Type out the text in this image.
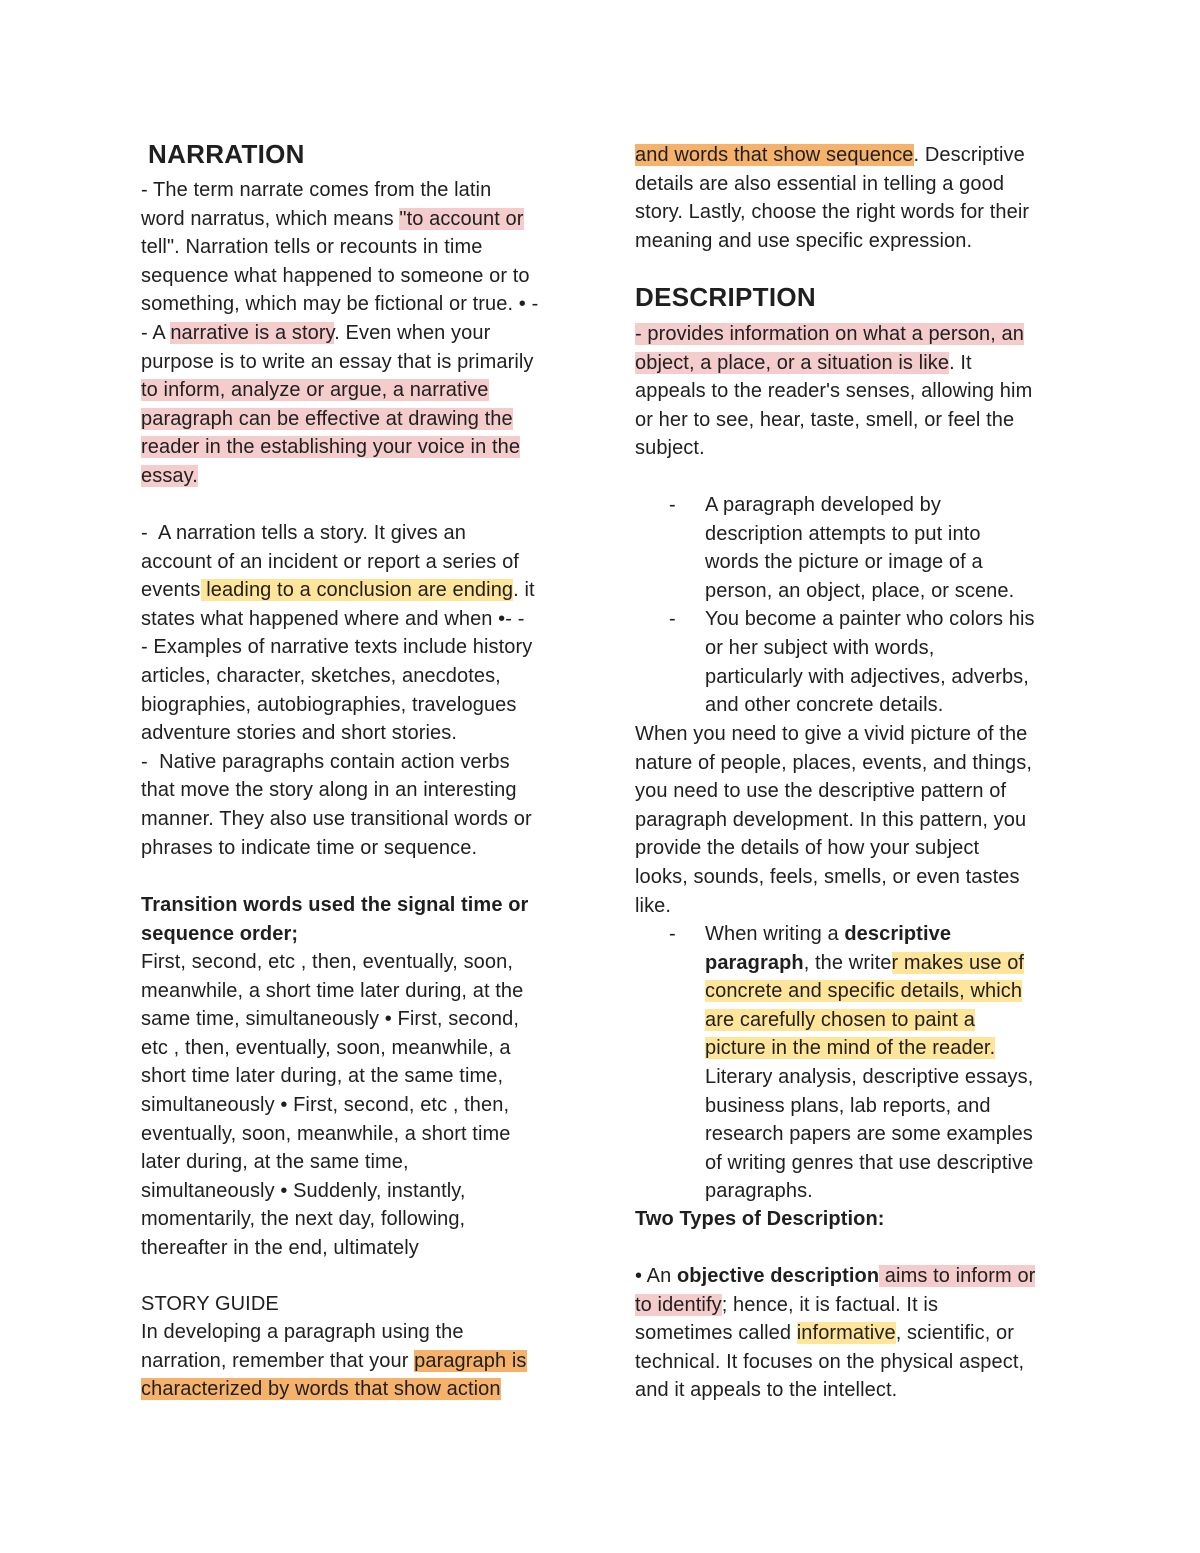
NARRATION
- The term narrate comes from the latin
word narratus, which means "to account or
tell". Narration tells or recounts in time
sequence what happened to someone or to
something, which may be fictional or true. • -
- A narrative is a story. Even when your
purpose is to write an essay that is primarily
to inform, analyze or argue, a narrative
paragraph can be effective at drawing the
reader in the establishing your voice in the
essay.
-  A narration tells a story. It gives an
account of an incident or report a series of
events leading to a conclusion are ending. it
states what happened where and when •- -
- Examples of narrative texts include history
articles, character, sketches, anecdotes,
biographies, autobiographies, travelogues
adventure stories and short stories.
-  Native paragraphs contain action verbs
that move the story along in an interesting
manner. They also use transitional words or
phrases to indicate time or sequence.
Transition words used the signal time or
sequence order;
First, second, etc , then, eventually, soon,
meanwhile, a short time later during, at the
same time, simultaneously • First, second,
etc , then, eventually, soon, meanwhile, a
short time later during, at the same time,
simultaneously • First, second, etc , then,
eventually, soon, meanwhile, a short time
later during, at the same time,
simultaneously • Suddenly, instantly,
momentarily, the next day, following,
thereafter in the end, ultimately
STORY GUIDE
In developing a paragraph using the
narration, remember that your paragraph is
characterized by words that show action
and words that show sequence. Descriptive
details are also essential in telling a good
story. Lastly, choose the right words for their
meaning and use specific expression.
DESCRIPTION
- provides information on what a person, an
object, a place, or a situation is like. It
appeals to the reader's senses, allowing him
or her to see, hear, taste, smell, or feel the
subject.
-	A paragraph developed by
description attempts to put into
words the picture or image of a
person, an object, place, or scene.
-	You become a painter who colors his
or her subject with words,
particularly with adjectives, adverbs,
and other concrete details.
When you need to give a vivid picture of the
nature of people, places, events, and things,
you need to use the descriptive pattern of
paragraph development. In this pattern, you
provide the details of how your subject
looks, sounds, feels, smells, or even tastes
like.
-	When writing a descriptive
paragraph, the writer makes use of
concrete and specific details, which
are carefully chosen to paint a
picture in the mind of the reader.
Literary analysis, descriptive essays,
business plans, lab reports, and
research papers are some examples
of writing genres that use descriptive
paragraphs.
Two Types of Description:
• An objective description aims to inform or
to identify; hence, it is factual. It is
sometimes called informative, scientific, or
technical. It focuses on the physical aspect,
and it appeals to the intellect.
